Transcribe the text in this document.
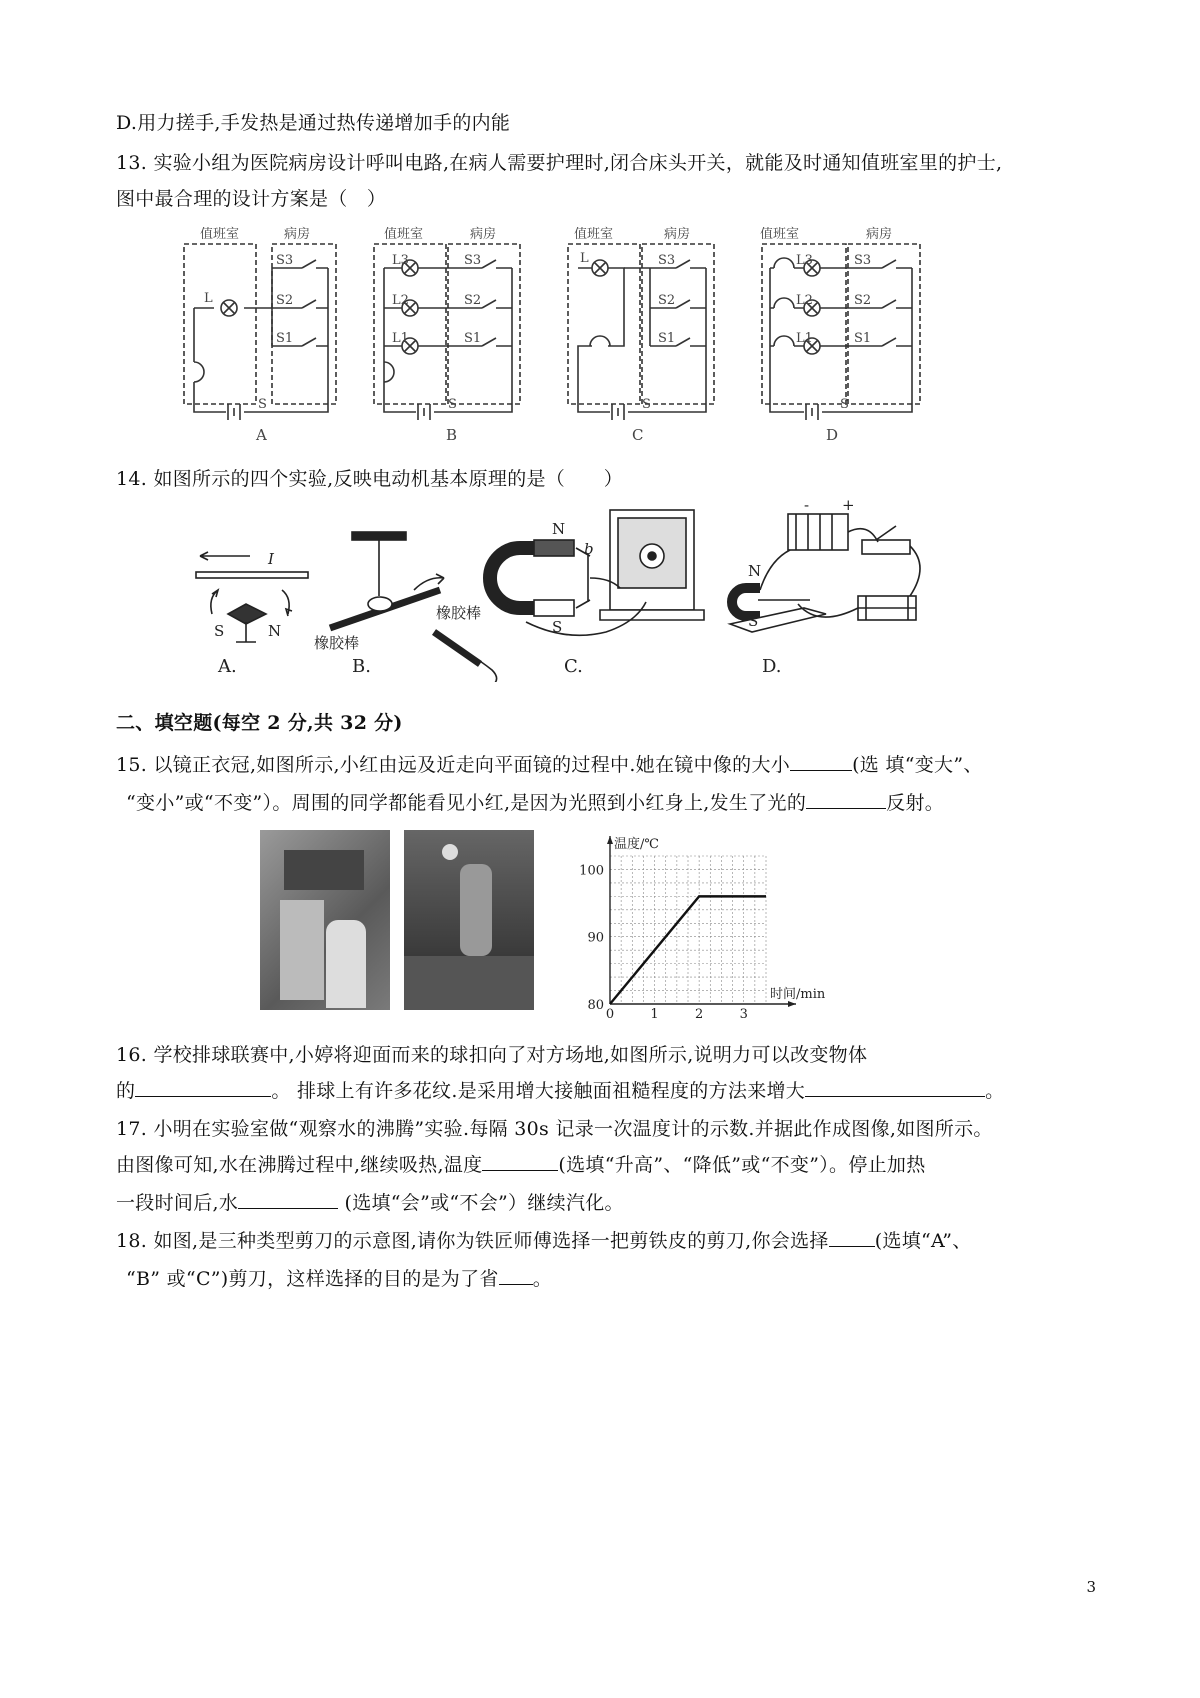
D.用力搓手,手发热是通过热传递增加手的内能
13. 实验小组为医院病房设计呼叫电路,在病人需要护理时,闭合床头开关，就能及时通知值班室里的护士,
图中最合理的设计方案是（　）
值班室	病房
S3
S2
S1
L
S
A
值班室	病房
L3
L2
L1
S3
S2
S1
S
B
值班室	病房
L	S3
S2
S1
S
C
值班室	病房
L3
L2
L1
S3
S2
S1
S
D
14. 如图所示的四个实验,反映电动机基本原理的是（　　）
I
S	N
A.
橡胶棒
橡胶棒
B.
N
b
a
S
C.
- +
N
S
D.
二、填空题(每空 2 分,共 32 分)
15. 以镜正衣冠,如图所示,小红由远及近走向平面镜的过程中.她在镜中像的大小	(选 填“变大”、
“变小”或“不变”）。周围的同学都能看见小红,是因为光照到小红身上,发生了光的	反射。
0	1	2	3
80
90
100
温度/℃
时间/min
16. 学校排球联赛中,小婷将迎面而来的球扣向了对方场地,如图所示,说明力可以改变物体
的	。 排球上有许多花纹.是采用增大接触面祖糙程度的方法来增大	。
17. 小明在实验室做“观察水的沸腾”实验.每隔 30s 记录一次温度计的示数.并据此作成图像,如图所示。
由图像可知,水在沸腾过程中,继续吸热,温度	(选填“升高”、“降低”或“不变”）。停止加热
一段时间后,水	(选填“会”或“不会”）继续汽化。
18. 如图,是三种类型剪刀的示意图,请你为铁匠师傅选择一把剪铁皮的剪刀,你会选择 (选填“A”、
“B” 或“C”)剪刀，这样选择的目的是为了省 。
3
